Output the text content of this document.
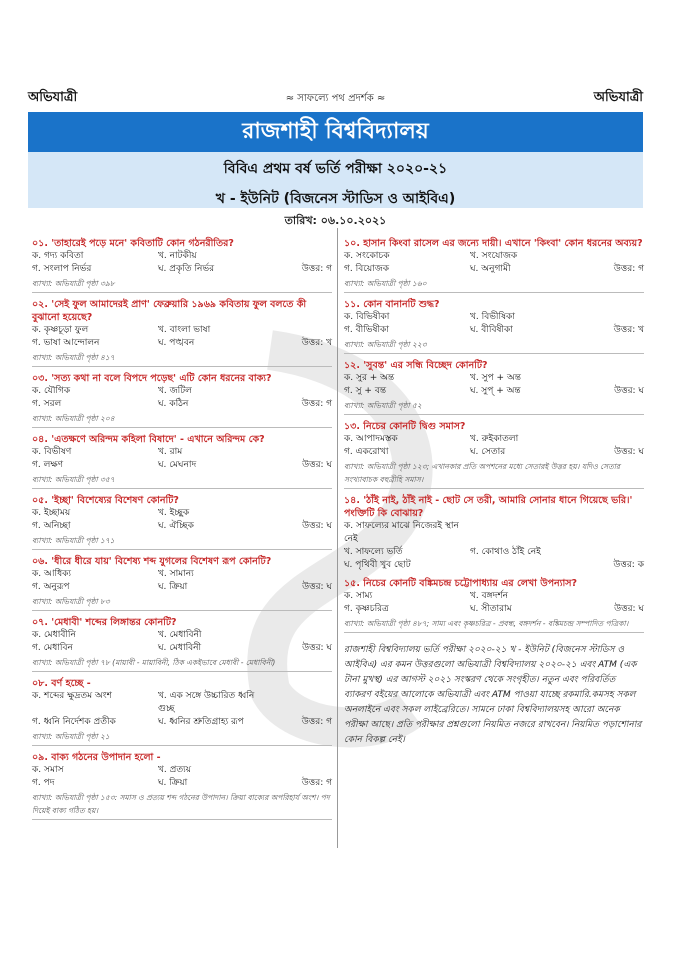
অভিযাত্রী	≈ সাফল্যে পথ প্রদর্শক ≈	অভিযাত্রী
রাজশাহী বিশ্ববিদ্যালয়
বিবিএ প্রথম বর্ষ ভর্তি পরীক্ষা ২০২০-২১
খ - ইউনিট (বিজনেস স্টাডিস ও আইবিএ)
তারিখ: ০৬.১০.২০২১
০১. 'তাহারেই পড়ে মনে' কবিতাটি কোন গঠনরীতির?
ক. গদ্য কবিতা	খ. নাটকীয়
গ. সংলাপ নির্ভর	ঘ. প্রকৃতি নির্ভর	উত্তর: গ
ব্যাখ্যা: অভিযাত্রী পৃষ্ঠা ৩৯৮
০২. 'সেই ফুল আমাদেরই প্রাণ' ফেব্রুয়ারি ১৯৬৯ কবিতায় ফুল বলতে কী বুঝানো হয়েছে?
ক. কৃষ্ণচূড়া ফুল	খ. বাংলা ভাষা
গ. ভাষা আন্দোলন	ঘ. পঙ্খবন	উত্তর: খ
ব্যাখ্যা: অভিযাত্রী পৃষ্ঠা ৪১৭
০৩. 'সত্য কথা না বলে বিপদে পড়েছ' এটি কোন ধরনের বাক্য?
ক. যৌগিক	খ. জটিল
গ. সরল	ঘ. কঠিন	উত্তর: গ
ব্যাখ্যা: অভিযাত্রী পৃষ্ঠা ২০৪
০৪. 'এতক্ষণে অরিন্দম কহিলা বিষাদে' - এখানে অরিন্দম কে?
ক. বিভীষণ	খ. রাম
গ. লক্ষণ	ঘ. মেঘনাদ	উত্তর: ঘ
ব্যাখ্যা: অভিযাত্রী পৃষ্ঠা ৩৫৭
০৫. 'ইচ্ছা' বিশেষ্যের বিশেষণ কোনটি?
ক. ইচ্ছাময়	খ. ইচ্ছুক
গ. অনিচ্ছা	ঘ. ঐচ্ছিক	উত্তর: ঘ
ব্যাখ্যা: অভিযাত্রী পৃষ্ঠা ১৭১
০৬. 'ধীরে ধীরে যায়' বিশেষ্য শব্দ যুগলের বিশেষণ রূপ কোনটি?
ক. আধিক্য	খ. সামান্য
গ. অনুরূপ	ঘ. ক্রিয়া	উত্তর: ঘ
ব্যাখ্যা: অভিযাত্রী পৃষ্ঠা ৮৩
০৭. 'মেধাবী' শব্দের লিঙ্গান্তর কোনটি?
ক. মেধাবীনি	খ. মেধাবিনী
গ. মেধাবিন	ঘ. মেধাবিনী	উত্তর: ঘ
ব্যাখ্যা: অভিযাত্রী পৃষ্ঠা ৭৮ (মায়াবী - মায়াবিনী, ঠিক একইভাবে মেধাবী - মেধাবিনী)
০৮. বর্ণ হচ্ছে -
ক. শব্দের ক্ষুদ্রতম অংশ	খ. এক সঙ্গে উচ্চারিত ধ্বনি গুচ্ছ
গ. ধ্বনি নির্দেশক প্রতীক	ঘ. ধ্বনির শ্রুতিগ্রাহ্য রূপ	উত্তর: গ
ব্যাখ্যা: অভিযাত্রী পৃষ্ঠা ২১
০৯. বাক্য গঠনের উপাদান হলো -
ক. সমাস	খ. প্রত্যয়
গ. পদ	ঘ. ক্রিয়া	উত্তর: গ
ব্যাখ্যা: অভিযাত্রী পৃষ্ঠা ১৫৩: সমাস ও প্রত্যয় শব্দ গঠনের উপাদান। ক্রিয়া বাক্যের অপরিহার্য অংশ। পদ দিয়েই বাক্য গঠিত হয়।
১০. হাসান কিংবা রাসেল এর জন্যে দায়ী। এখানে 'কিংবা' কোন ধরনের অব্যয়?
ক. সংকোচক	খ. সংযোজক
গ. বিয়োজক	ঘ. অনুগামী	উত্তর: গ
ব্যাখ্যা: অভিযাত্রী পৃষ্ঠা ১৬০
১১. কোন বানানটি শুদ্ধ?
ক. বিভিষীকা	খ. বিভীষিকা
গ. বীভিষীকা	ঘ. বীবিষীকা	উত্তর: খ
ব্যাখ্যা: অভিযাত্রী পৃষ্ঠা ২২৩
১২. 'সুবন্ত' এর সন্ধি বিচ্ছেদ কোনটি?
ক. সুর + অন্ত	খ. সুপ + অন্ত
গ. সু + বন্ত	ঘ. সুপ্ + অন্ত	উত্তর: ঘ
ব্যাখ্যা: অভিযাত্রী পৃষ্ঠা ৫২
১৩. নিচের কোনটি দ্বিগু সমাস?
ক. আপাদমস্তক	খ. রুইকাতলা
গ. একরোখা	ঘ. সেতার	উত্তর: ঘ
ব্যাখ্যা: অভিযাত্রী পৃষ্ঠা ১২৩; এখানকার প্রতি অপশনের মধ্যে সেতারই উত্তর হয়। যদিও সেতার সংখ্যাবাচক বহুব্রীহি সমাস।
১৪. 'ঠাঁই নাই, ঠাঁই নাই - ছোট সে তরী, আমারি সোনার ধানে গিয়েছে ভরি।' পংক্তিটি কি বোঝায়?
ক. সাফল্যের মাঝে নিজেরই স্থান নেই
খ. সাফল্যে ভর্তি	গ. কোথাও ঠাঁই নেই
ঘ. পৃথিবী খুব ছোট	উত্তর: ক
১৫. নিচের কোনটি বঙ্কিমচন্দ্র চট্টোপাধ্যায় এর লেখা উপন্যাস?
ক. সাম্য	খ. বঙ্গদর্শন
গ. কৃষ্ণচরিত্র	ঘ. সীতারাম	উত্তর: ঘ
ব্যাখ্যা: অভিযাত্রী পৃষ্ঠা ৪৮৭; সাম্য এবং কৃষ্ণচরিত্র - প্রবন্ধ, বঙ্গদর্শন - বঙ্কিমচন্দ্র সম্পাদিত পত্রিকা।
রাজশাহী বিশ্ববিদ্যালয় ভর্তি পরীক্ষা ২০২০-২১ খ - ইউনিট (বিজনেস স্টাডিস ও আইবিএ) এর কমন উত্তরগুলো অভিযাত্রী বিশ্ববিদ্যালয় ২০২০-২১ এবং ATM (এক টানা মুখস্থ) এর আগস্ট ২০২১ সংস্করণ থেকে সংগৃহীত। নতুন এবং পরিবর্তিত ব্যাকরণ বইয়ের আলোকে অভিযাত্রী এবং ATM পাওয়া যাচ্ছে রকমারি.কমসহ সকল অনলাইনে এবং সকল লাইব্রেরিতে। সামনে ঢাকা বিশ্ববিদ্যালয়সহ আরো অনেক পরীক্ষা আছে। প্রতি পরীক্ষার প্রশ্নগুলো নিয়মিত নজরে রাখবেন। নিয়মিত পড়াশোনার কোন বিকল্প নেই।
